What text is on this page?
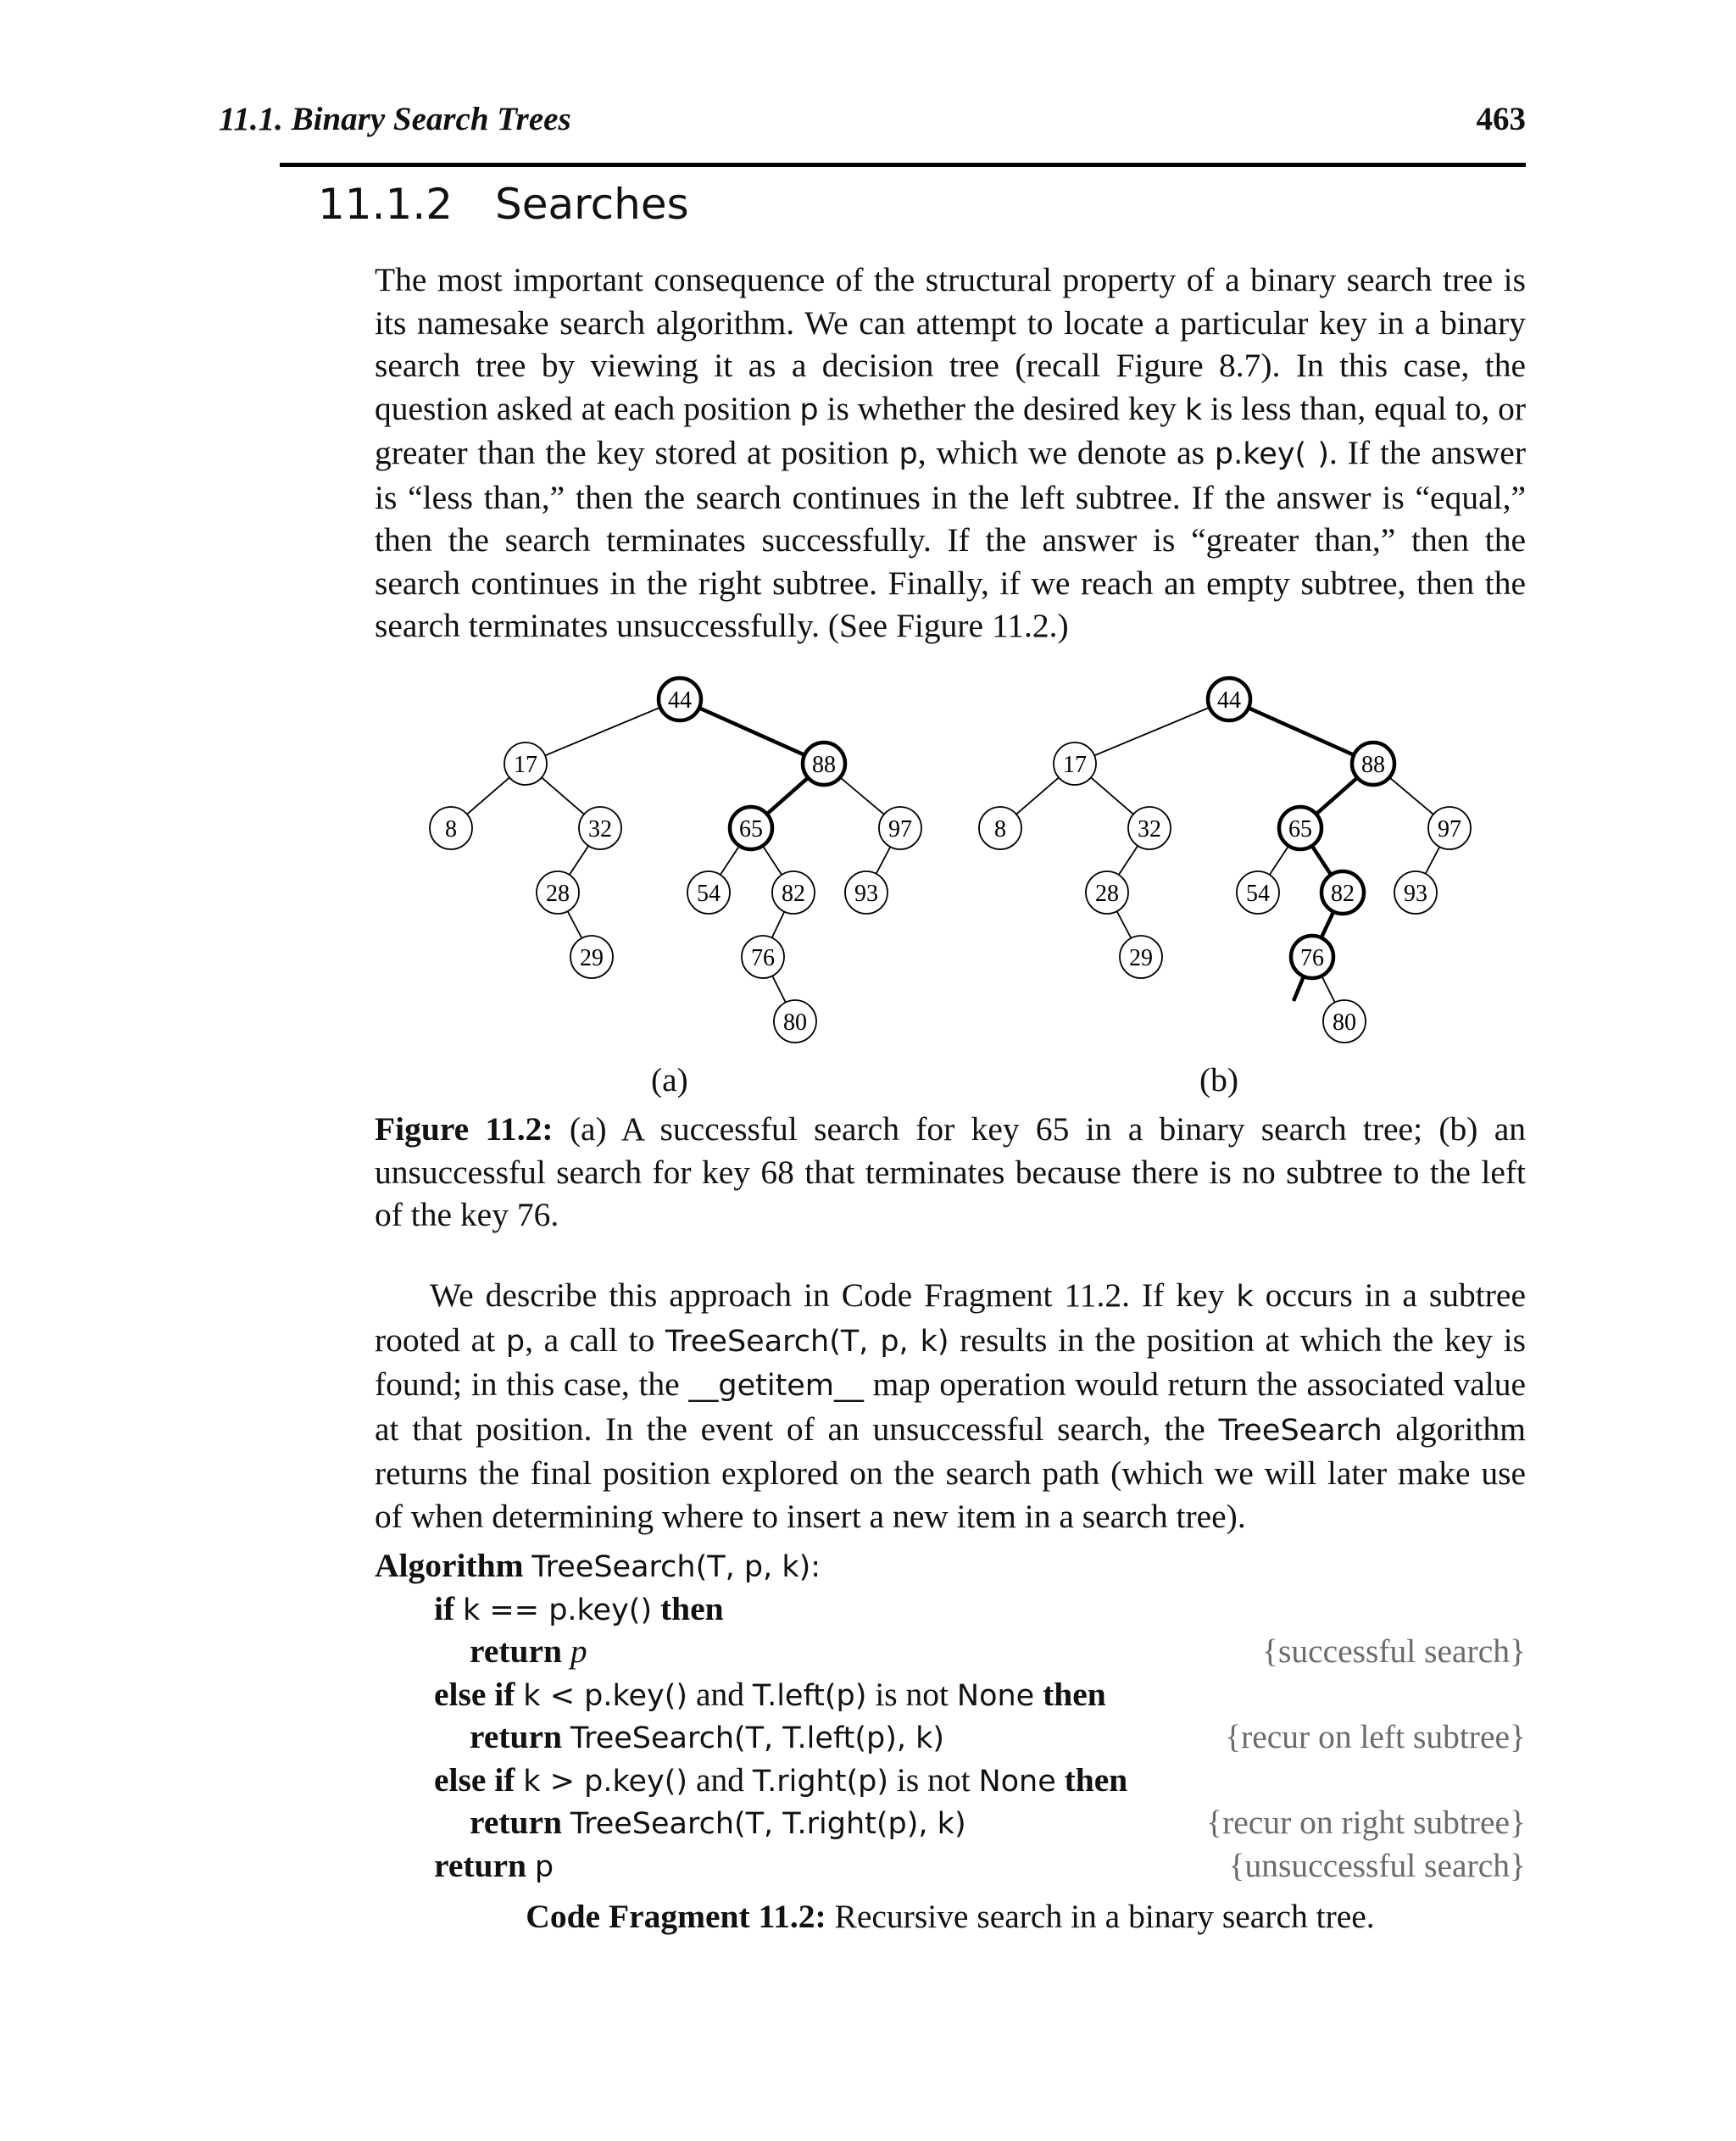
11.1. Binary Search Trees	463
11.1.2 Searches

The most important consequence of the structural property of a binary search tree is its namesake search algorithm. We can attempt to locate a particular key in a binary search tree by viewing it as a decision tree (recall Figure 8.7). In this case, the question asked at each position p is whether the desired key k is less than, equal to, or greater than the key stored at position p, which we denote as p.key( ). If the answer is “less than,” then the search continues in the left subtree. If the answer is “equal,” then the search terminates successfully. If the answer is “greater than,” then the search continues in the right subtree. Finally, if we reach an empty subtree, then the search terminates unsuccessfully. (See Figure 11.2.)

44
17	88
8	32	65	97
28	54	82 93
29	76
80
44
17	88
8	32	65	97
28	54	82 93
29	76
80
(a)	(b)
Figure 11.2: (a) A successful search for key 65 in a binary search tree; (b) an unsuccessful search for key 68 that terminates because there is no subtree to the left of the key 76.

We describe this approach in Code Fragment 11.2. If key k occurs in a subtree rooted at p, a call to TreeSearch(T, p, k) results in the position at which the key is found; in this case, the __getitem__ map operation would return the associated value at that position. In the event of an unsuccessful search, the TreeSearch algorithm returns the final position explored on the search path (which we will later make use of when determining where to insert a new item in a search tree).

Algorithm TreeSearch(T, p, k):
if k == p.key() then
return p	{successful search}
else if k < p.key() and T.left(p) is not None then
return TreeSearch(T, T.left(p), k)	{recur on left subtree}
else if k > p.key() and T.right(p) is not None then
return TreeSearch(T, T.right(p), k)	{recur on right subtree}
return p	{unsuccessful search}
Code Fragment 11.2: Recursive search in a binary search tree.
